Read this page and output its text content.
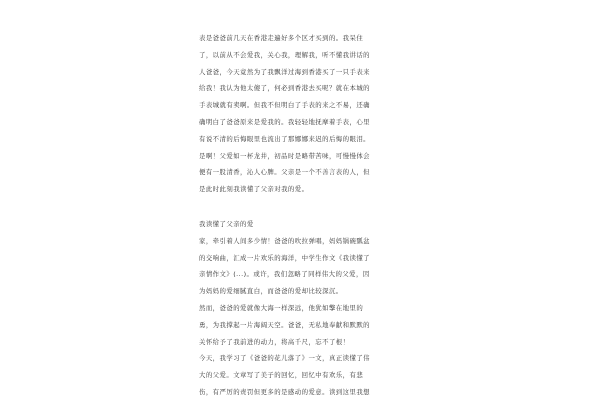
表是爸爸前几天在香港走遍好多个区才买到的。我呆住
了，以前从不会爱我，关心我，理解我，听不懂我讲话的
人爸爸，今天竟然为了我飘洋过海到香港买了一只手表来
给我！我认为他太傻了，何必到香港去买呢？就在本城的
手表城就有卖啊。但我不但明白了手表的来之不易，还确
确明白了爸爸原来是爱我的。我轻轻地抚摩着手表，心里
有说不清的后悔眼里也流出了那娜娜来迟的后悔的眼泪。
是啊！父爱如一杯龙井，初品时是略带苦味，可慢慢体会
便有一股清香，沁人心脾。父亲是一个不善言表的人，但
是此时此刻我读懂了父亲对我的爱。
我读懂了父亲的爱
家，牵引着人间多少情！爸爸的吹拉弹唱，妈妈锅碗瓢盆
的交响曲，汇成一片欢乐的海洋，中学生作文《我读懂了
亲情作文》(...)。或许，我们忽略了同样伟大的父爱，因
为妈妈的爱细腻直白，而爸爸的爱却比较深沉。
然而，爸爸的爱就像大海一样深远，他犹如擎在地里的
勇，为我撑起一片海阔天空。爸爸，无私地奉献和默默的
关怀给予了我前进的动力，将高千尺，忘不了根！
今天，我学习了《爸爸的花儿落了》一文，真正读懂了伟
大的父爱。文章写了美子的回忆，回忆中有欢乐，有悲
伤，有严厉的责罚但更多的是感动的爱意。读到这里我想
